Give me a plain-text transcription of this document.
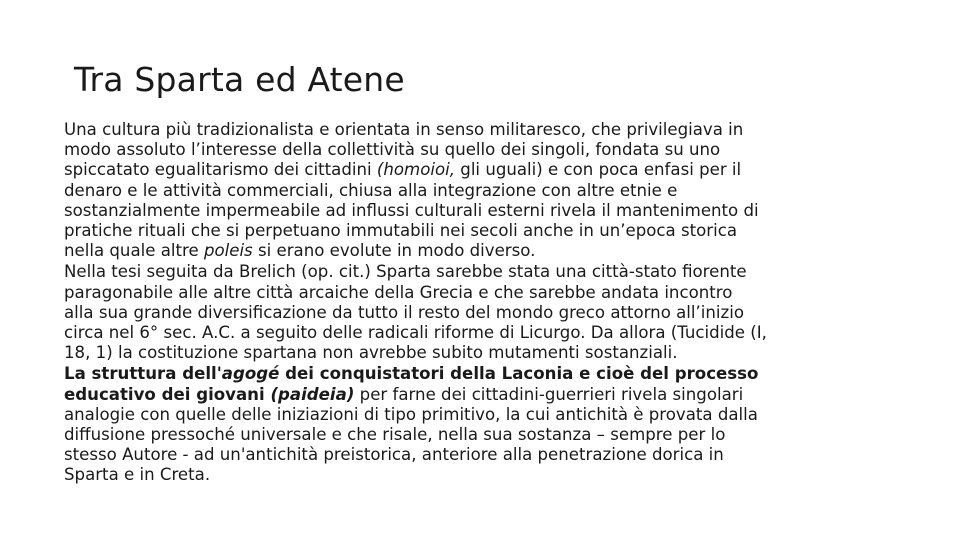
Tra Sparta ed Atene

Una cultura più tradizionalista e orientata in senso militaresco, che privilegiava in
modo assoluto l’interesse della collettività su quello dei singoli, fondata su uno
spiccatato egualitarismo dei cittadini (homoioi, gli uguali) e con poca enfasi per il
denaro e le attività commerciali, chiusa alla integrazione con altre etnie e
sostanzialmente impermeabile ad influssi culturali esterni rivela il mantenimento di
pratiche rituali che si perpetuano immutabili nei secoli anche in un’epoca storica
nella quale altre poleis si erano evolute in modo diverso.

Nella tesi seguita da Brelich (op. cit.) Sparta sarebbe stata una città-stato fiorente
paragonabile alle altre città arcaiche della Grecia e che sarebbe andata incontro
alla sua grande diversificazione da tutto il resto del mondo greco attorno all’inizio
circa nel 6° sec. A.C. a seguito delle radicali riforme di Licurgo. Da allora (Tucidide (I,
18, 1) la costituzione spartana non avrebbe subito mutamenti sostanziali.

La struttura dell'agogé dei conquistatori della Laconia e cioè del processo
educativo dei giovani (paideia) per farne dei cittadini-guerrieri rivela singolari
analogie con quelle delle iniziazioni di tipo primitivo, la cui antichità è provata dalla
diffusione pressoché universale e che risale, nella sua sostanza – sempre per lo
stesso Autore - ad un'antichità preistorica, anteriore alla penetrazione dorica in
Sparta e in Creta.
